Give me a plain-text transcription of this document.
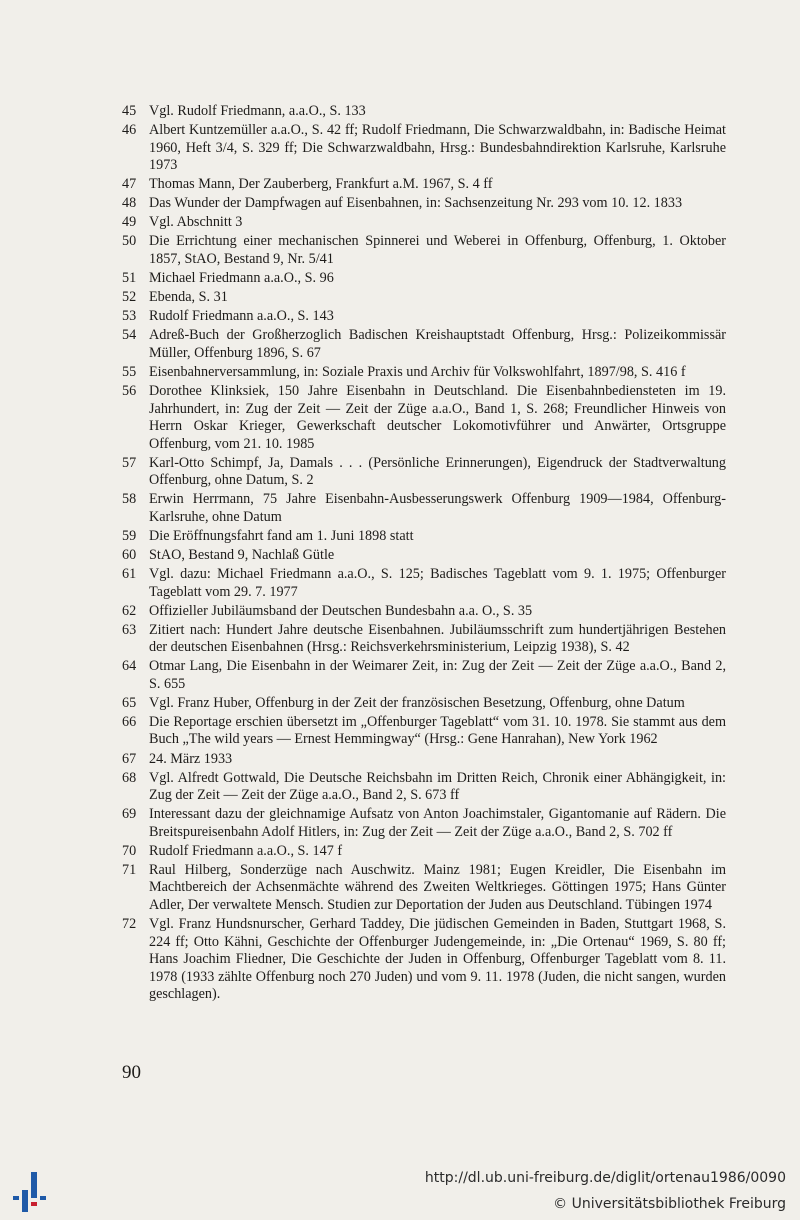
45 Vgl. Rudolf Friedmann, a.a.O., S. 133
46 Albert Kuntzemüller a.a.O., S. 42 ff; Rudolf Friedmann, Die Schwarzwaldbahn, in: Badische Heimat 1960, Heft 3/4, S. 329 ff; Die Schwarzwaldbahn, Hrsg.: Bundesbahndirektion Karlsruhe, Karlsruhe 1973
47 Thomas Mann, Der Zauberberg, Frankfurt a.M. 1967, S. 4 ff
48 Das Wunder der Dampfwagen auf Eisenbahnen, in: Sachsenzeitung Nr. 293 vom 10. 12. 1833
49 Vgl. Abschnitt 3
50 Die Errichtung einer mechanischen Spinnerei und Weberei in Offenburg, Offenburg, 1. Oktober 1857, StAO, Bestand 9, Nr. 5/41
51 Michael Friedmann a.a.O., S. 96
52 Ebenda, S. 31
53 Rudolf Friedmann a.a.O., S. 143
54 Adreß-Buch der Großherzoglich Badischen Kreishauptstadt Offenburg, Hrsg.: Polizeikommissär Müller, Offenburg 1896, S. 67
55 Eisenbahnerversammlung, in: Soziale Praxis und Archiv für Volkswohlfahrt, 1897/98, S. 416 f
56 Dorothee Klinksiek, 150 Jahre Eisenbahn in Deutschland. Die Eisenbahnbediensteten im 19. Jahrhundert, in: Zug der Zeit — Zeit der Züge a.a.O., Band 1, S. 268; Freundlicher Hinweis von Herrn Oskar Krieger, Gewerkschaft deutscher Lokomotivführer und Anwärter, Ortsgruppe Offenburg, vom 21. 10. 1985
57 Karl-Otto Schimpf, Ja, Damals . . . (Persönliche Erinnerungen), Eigendruck der Stadtverwaltung Offenburg, ohne Datum, S. 2
58 Erwin Herrmann, 75 Jahre Eisenbahn-Ausbesserungswerk Offenburg 1909—1984, Offenburg-Karlsruhe, ohne Datum
59 Die Eröffnungsfahrt fand am 1. Juni 1898 statt
60 StAO, Bestand 9, Nachlaß Gütle
61 Vgl. dazu: Michael Friedmann a.a.O., S. 125; Badisches Tageblatt vom 9. 1. 1975; Offenburger Tageblatt vom 29. 7. 1977
62 Offizieller Jubiläumsband der Deutschen Bundesbahn a.a. O., S. 35
63 Zitiert nach: Hundert Jahre deutsche Eisenbahnen. Jubiläumsschrift zum hundertjährigen Bestehen der deutschen Eisenbahnen (Hrsg.: Reichsverkehrsministerium, Leipzig 1938), S. 42
64 Otmar Lang, Die Eisenbahn in der Weimarer Zeit, in: Zug der Zeit — Zeit der Züge a.a.O., Band 2, S. 655
65 Vgl. Franz Huber, Offenburg in der Zeit der französischen Besetzung, Offenburg, ohne Datum
66 Die Reportage erschien übersetzt im „Offenburger Tageblatt“ vom 31. 10. 1978. Sie stammt aus dem Buch „The wild years — Ernest Hemmingway“ (Hrsg.: Gene Hanrahan), New York 1962
67 24. März 1933
68 Vgl. Alfredt Gottwald, Die Deutsche Reichsbahn im Dritten Reich, Chronik einer Abhängigkeit, in: Zug der Zeit — Zeit der Züge a.a.O., Band 2, S. 673 ff
69 Interessant dazu der gleichnamige Aufsatz von Anton Joachimstaler, Gigantomanie auf Rädern. Die Breitspureisenbahn Adolf Hitlers, in: Zug der Zeit — Zeit der Züge a.a.O., Band 2, S. 702 ff
70 Rudolf Friedmann a.a.O., S. 147 f
71 Raul Hilberg, Sonderzüge nach Auschwitz. Mainz 1981; Eugen Kreidler, Die Eisenbahn im Machtbereich der Achsenmächte während des Zweiten Weltkrieges. Göttingen 1975; Hans Günter Adler, Der verwaltete Mensch. Studien zur Deportation der Juden aus Deutschland. Tübingen 1974
72 Vgl. Franz Hundsnurscher, Gerhard Taddey, Die jüdischen Gemeinden in Baden, Stuttgart 1968, S. 224 ff; Otto Kähni, Geschichte der Offenburger Judengemeinde, in: „Die Ortenau“ 1969, S. 80 ff; Hans Joachim Fliedner, Die Geschichte der Juden in Offenburg, Offenburger Tageblatt vom 8. 11. 1978 (1933 zählte Offenburg noch 270 Juden) und vom 9. 11. 1978 (Juden, die nicht sangen, wurden geschlagen).
90
http://dl.ub.uni-freiburg.de/diglit/ortenau1986/0090
© Universitätsbibliothek Freiburg
